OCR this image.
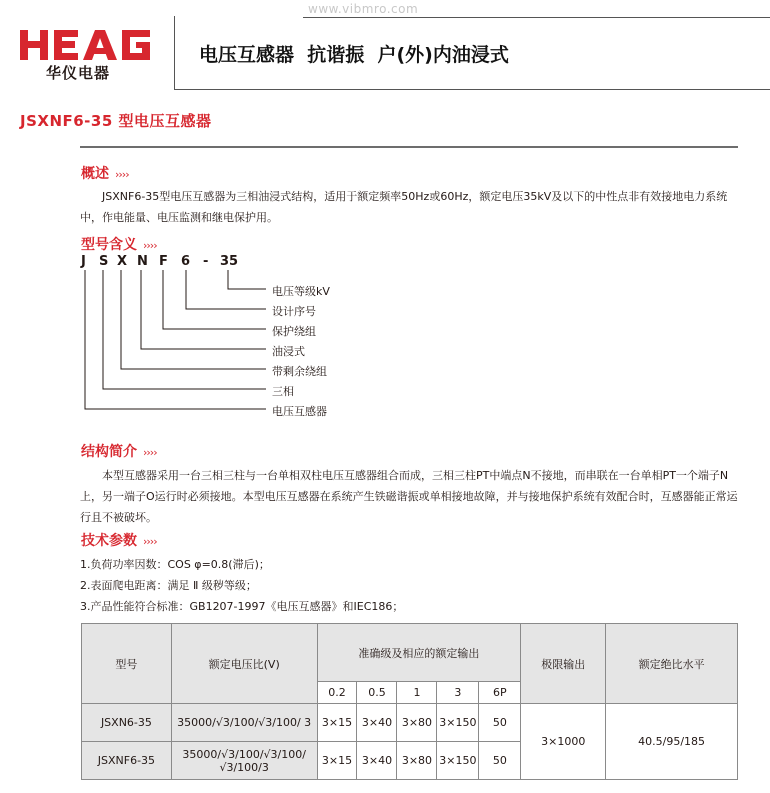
www.vibmro.com
华仪电器
电压互感器  抗谐振  户(外)内油浸式
JSXNF6-35 型电压互感器
概述 ››››

JSXNF6-35型电压互感器为三相油浸式结构，适用于额定频率50Hz或60Hz，额定电压35kV及以下的中性点非有效接地电力系统中，作电能量、电压监测和继电保护用。

型号含义 ››››
J S X N F 6 - 35
电压等级kV
设计序号
保护绕组
油浸式
带剩余绕组
三相
电压互感器
结构简介 ››››

本型互感器采用一台三相三柱与一台单相双柱电压互感器组合而成，三相三柱PT中端点N不接地，而串联在一台单相PT一个端子N上，另一端子O运行时必须接地。本型电压互感器在系统产生铁磁谐振或单相接地故障，并与接地保护系统有效配合时，互感器能正常运行且不被破坏。

技术参数 ››››
1.负荷功率因数：COS φ=0.8(滞后)；
2.表面爬电距离：满足 Ⅱ 级秽等级；
3.产品性能符合标准：GB1207-1997《电压互感器》和IEC186；
型号	额定电压比(V)	准确级及相应的额定输出					极限输出	额定绝比水平
		0.2	0.5	1	3	6P		
JSXN6-35	35000/√3/100/√3/100/ 3	3×15	3×40	3×80	3×150	50	3×1000	40.5/95/185
JSXNF6-35	35000/√3/100/√3/100/√3/100/3	3×15	3×40	3×80	3×150	50		
